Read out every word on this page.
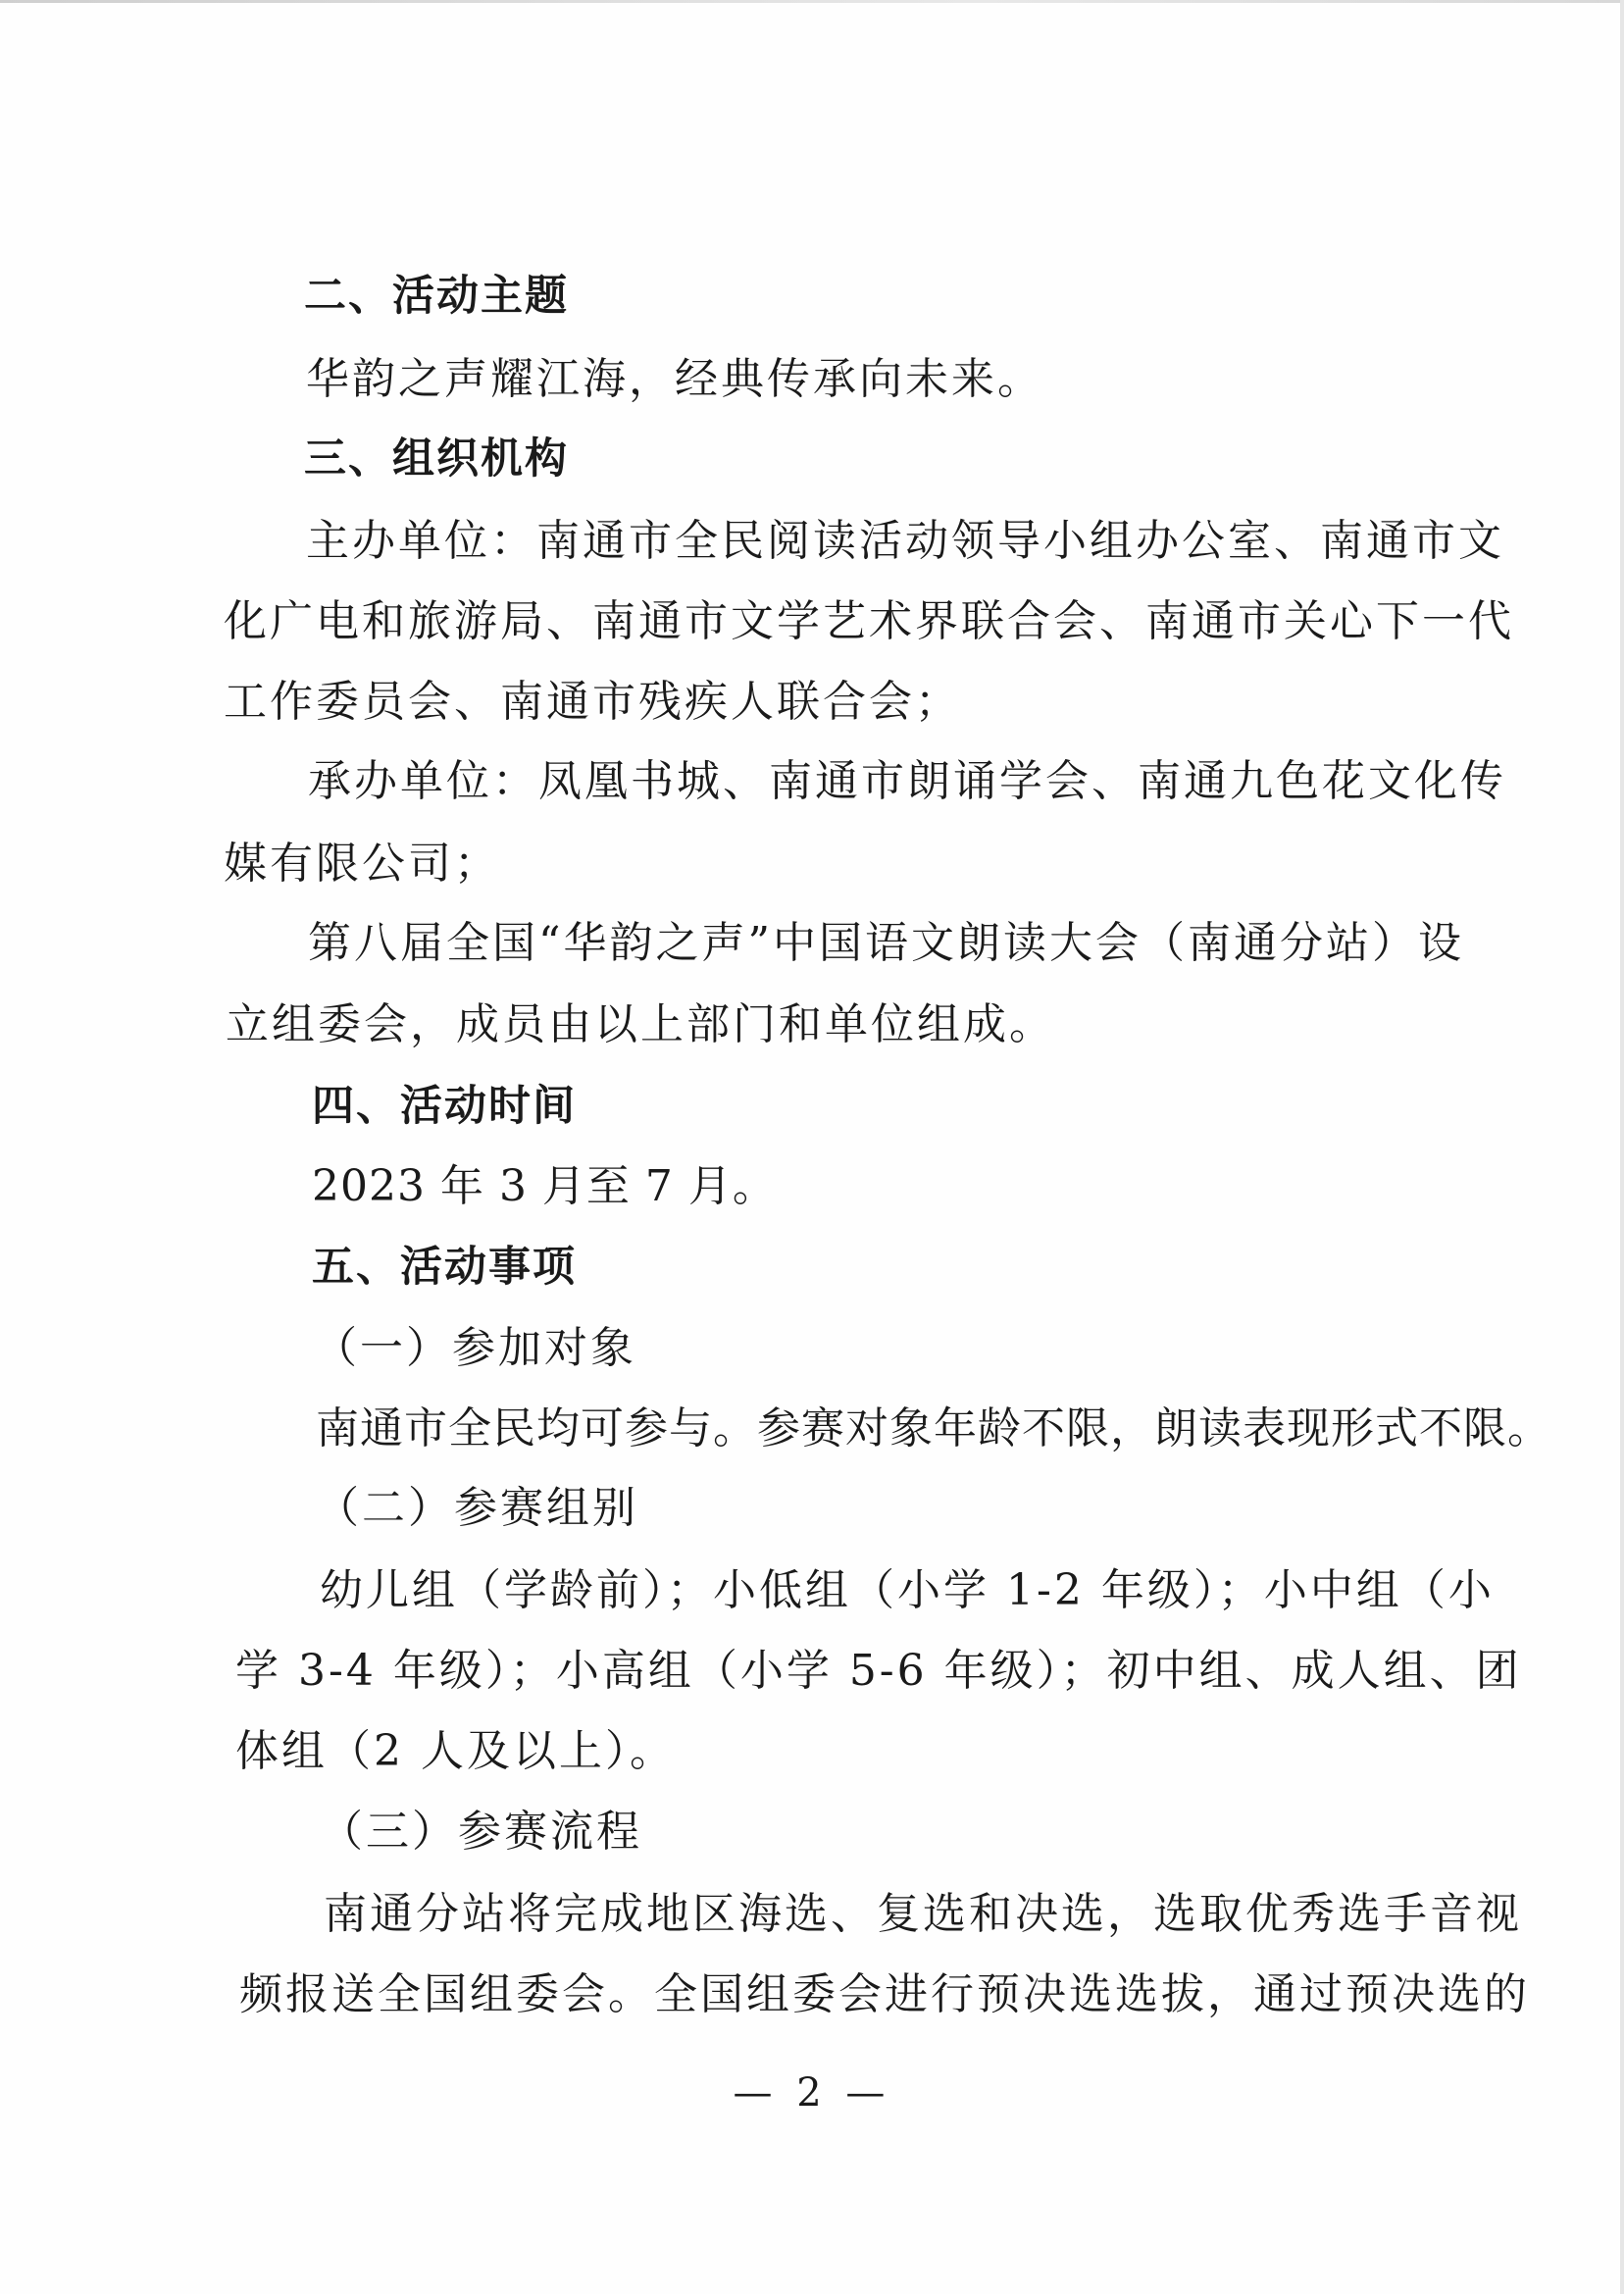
二、活动主题
华韵之声耀江海，经典传承向未来。
三、组织机构
主办单位：南通市全民阅读活动领导小组办公室、南通市文
化广电和旅游局、南通市文学艺术界联合会、南通市关心下一代
工作委员会、南通市残疾人联合会；
承办单位：凤凰书城、南通市朗诵学会、南通九色花文化传
媒有限公司；
第八届全国“华韵之声”中国语文朗读大会（南通分站）设
立组委会，成员由以上部门和单位组成。
四、活动时间
2023 年 3 月至 7 月。
五、活动事项
（一）参加对象
南通市全民均可参与。参赛对象年龄不限，朗读表现形式不限。
（二）参赛组别
幼儿组（学龄前）；小低组（小学 1-2 年级）；小中组（小
学 3-4 年级）；小高组（小学 5-6 年级）；初中组、成人组、团
体组（2 人及以上）。
（三）参赛流程
南通分站将完成地区海选、复选和决选，选取优秀选手音视
频报送全国组委会。全国组委会进行预决选选拔，通过预决选的
— 2 —
